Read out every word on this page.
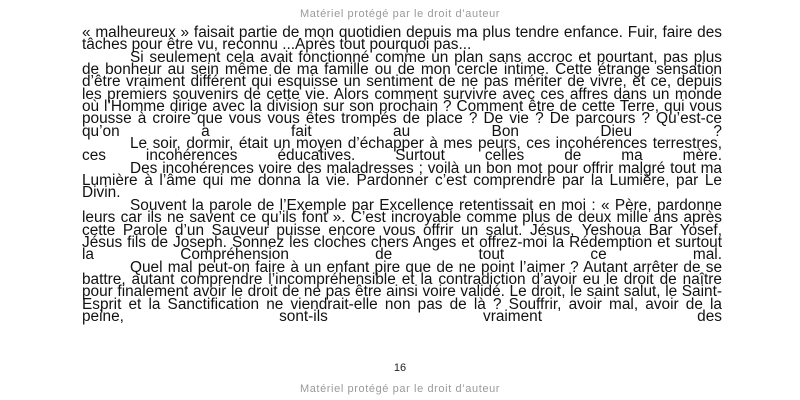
Matériel protégé par le droit d’auteur

« malheureux » faisait partie de mon quotidien depuis ma plus tendre enfance. Fuir, faire des tâches pour être vu, reconnu ...Après tout pourquoi pas...

Si seulement cela avait fonctionné comme un plan sans accroc et pourtant, pas plus de bonheur au sein même de ma famille ou de mon cercle intime. Cette étrange sensation d’être vraiment différent qui esquisse un sentiment de ne pas mériter de vivre, et ce, depuis les premiers souvenirs de cette vie. Alors comment survivre avec ces affres dans un monde où l’Homme dirige avec la division sur son prochain ? Comment être de cette Terre, qui vous pousse à croire que vous vous êtes trompés de place ? De vie ? De parcours ? Qu’est-ce qu’on a fait au Bon Dieu ?

Le soir, dormir, était un moyen d’échapper à mes peurs, ces incohérences terrestres, ces incohérences éducatives. Surtout celles de ma mère.

Des incohérences voire des maladresses ; voilà un bon mot pour offrir malgré tout ma Lumière à l’âme qui me donna la vie. Pardonner c’est comprendre par la Lumière, par Le Divin.

Souvent la parole de l’Exemple par Excellence retentissait en moi : « Père, pardonne leurs car ils ne savent ce qu’ils font ». C’est incroyable comme plus de deux mille ans après cette Parole d’un Sauveur puisse encore vous offrir un salut. Jésus, Yeshoua Bar Yosef, Jésus fils de Joseph. Sonnez les cloches chers Anges et offrez-moi la Rédemption et surtout la Compréhension de tout ce mal.

Quel mal peut-on faire à un enfant pire que de ne point l’aimer ? Autant arrêter de se battre, autant comprendre l’incompréhensible et la contradiction d’avoir eu le droit de naître pour finalement avoir le droit de ne pas être ainsi voire validé. Le droit, le saint salut, le Saint-Esprit et la Sanctification ne viendrait-elle non pas de là ? Souffrir, avoir mal, avoir de la peine, sont-ils vraiment des

16
Matériel protégé par le droit d’auteur
